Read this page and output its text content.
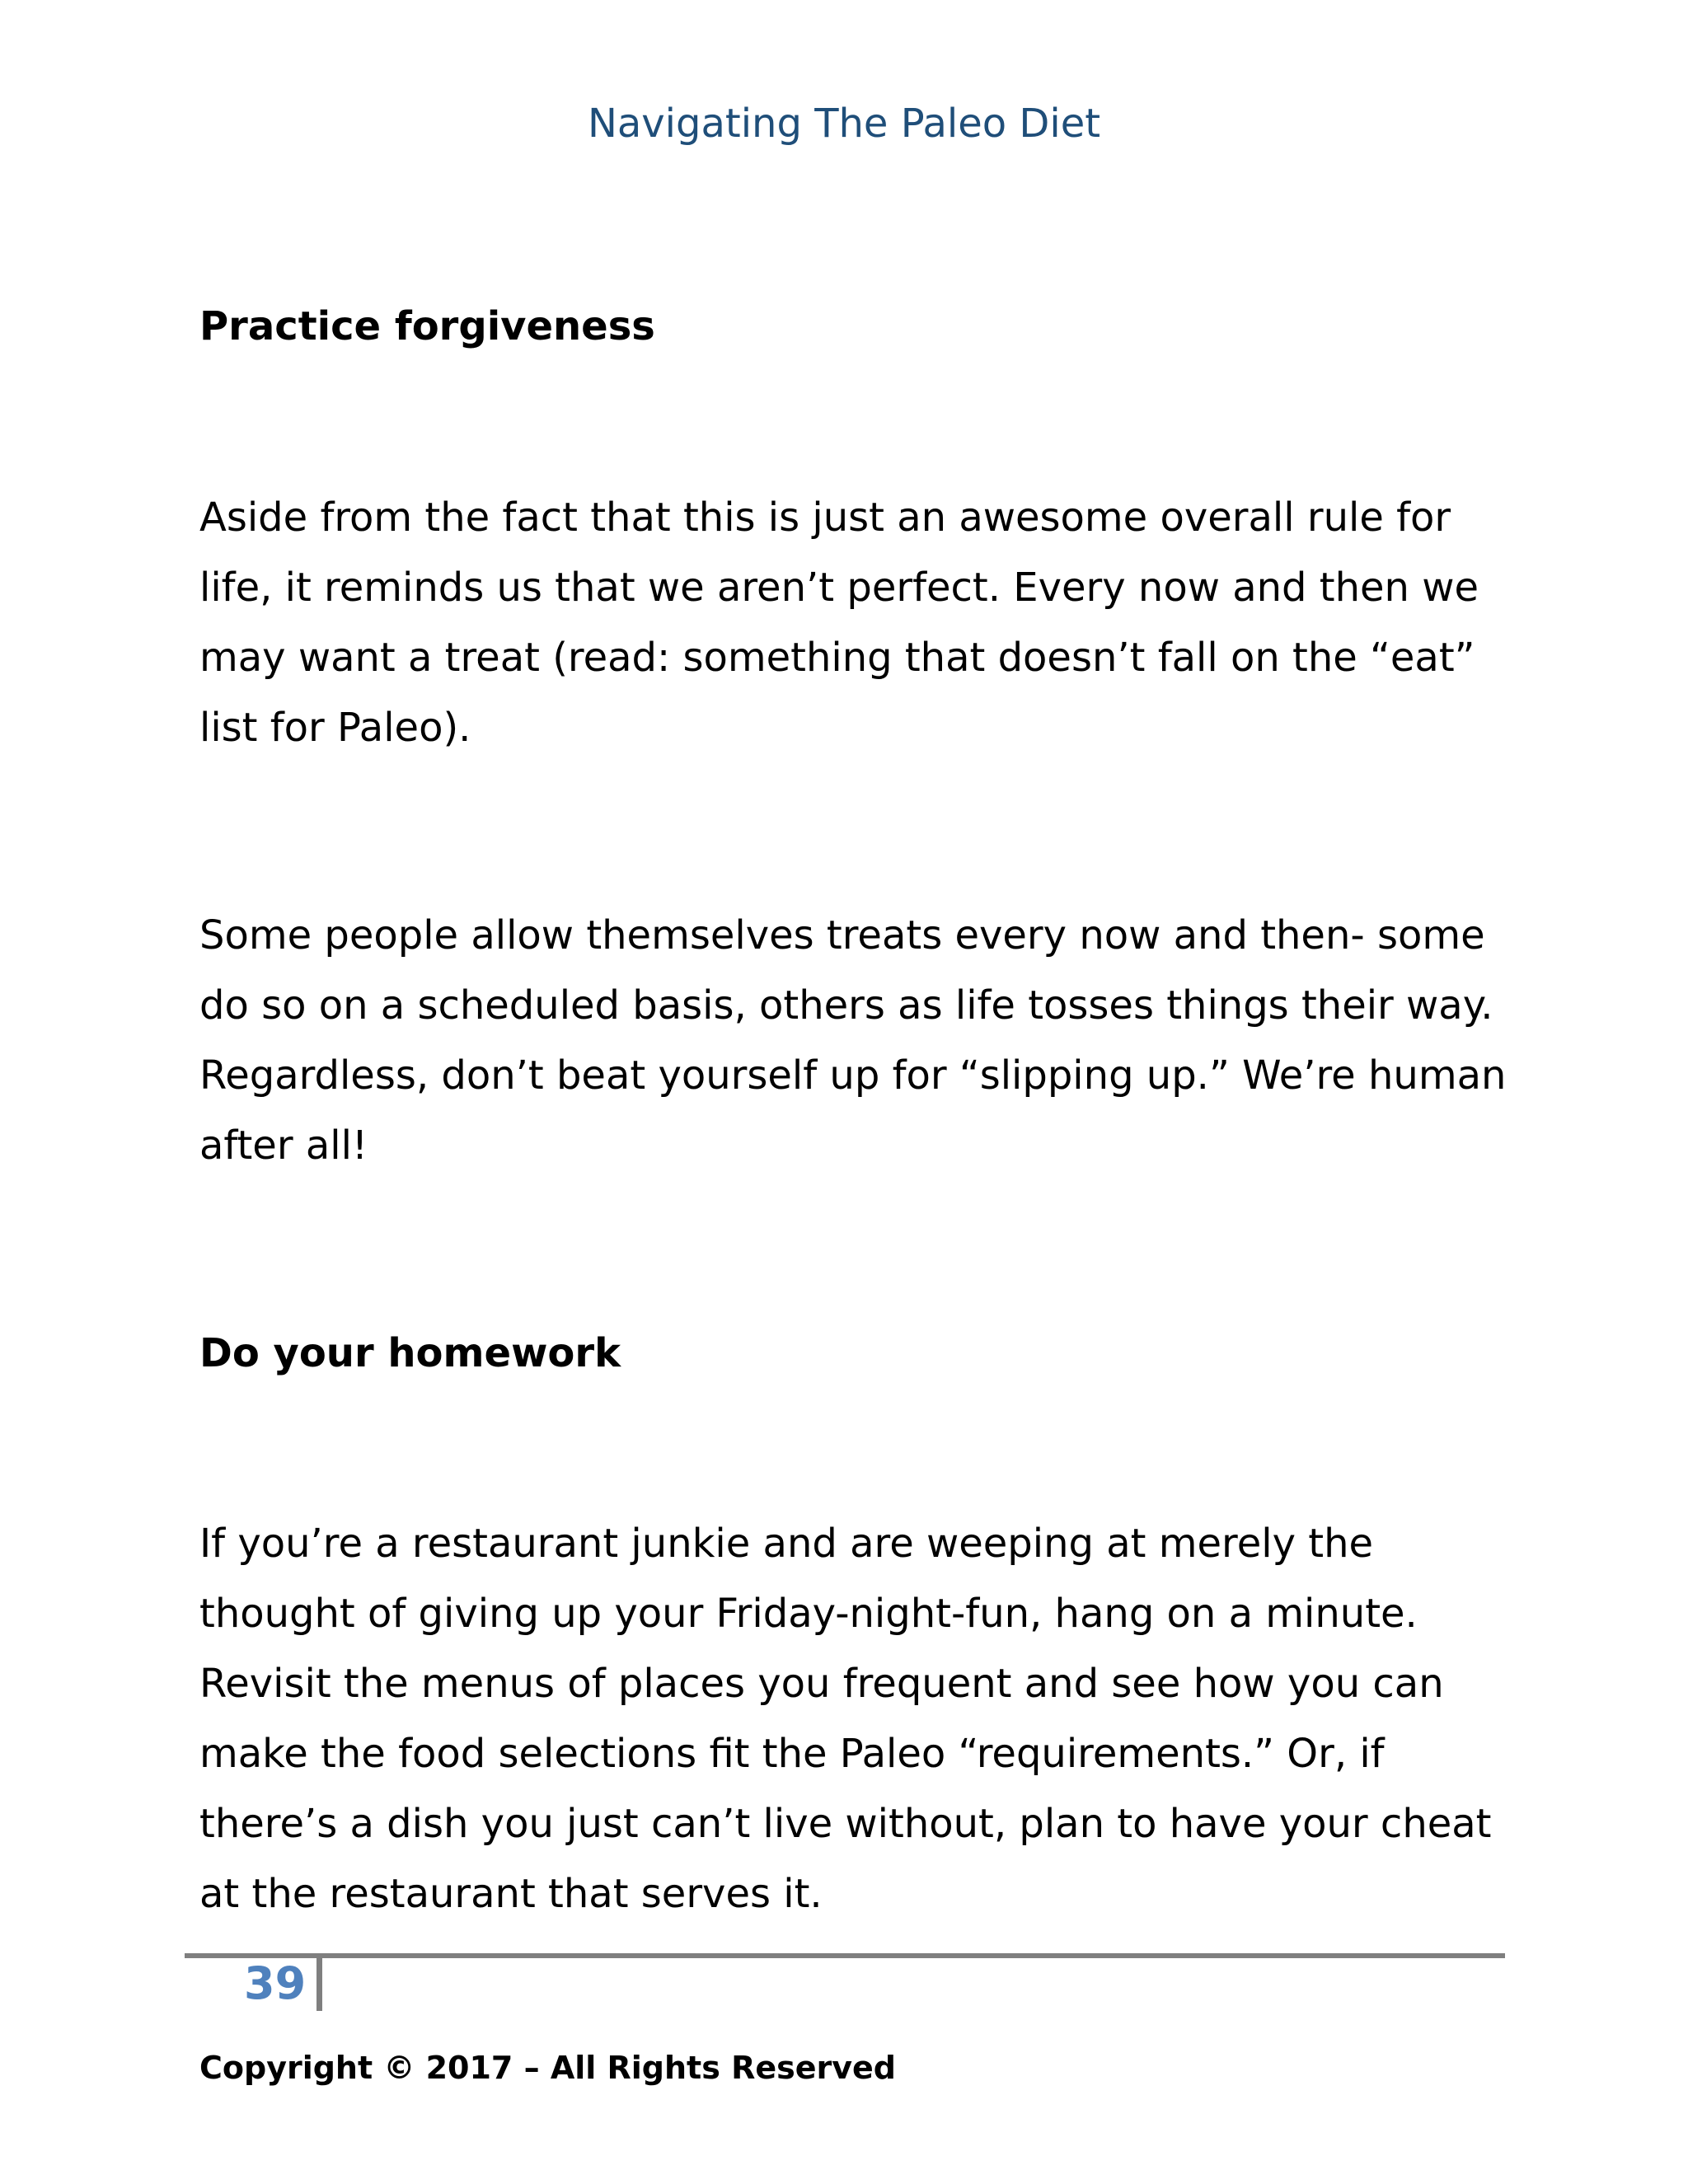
Navigating The Paleo Diet
Practice forgiveness

Aside from the fact that this is just an awesome overall rule for
life, it reminds us that we aren’t perfect. Every now and then we
may want a treat (read: something that doesn’t fall on the “eat”
list for Paleo).

Some people allow themselves treats every now and then- some
do so on a scheduled basis, others as life tosses things their way.
Regardless, don’t beat yourself up for “slipping up.” We’re human
after all!

Do your homework

If you’re a restaurant junkie and are weeping at merely the
thought of giving up your Friday-night-fun, hang on a minute.
Revisit the menus of places you frequent and see how you can
make the food selections fit the Paleo “requirements.” Or, if
there’s a dish you just can’t live without, plan to have your cheat
at the restaurant that serves it.

39
Copyright © 2017 – All Rights Reserved
